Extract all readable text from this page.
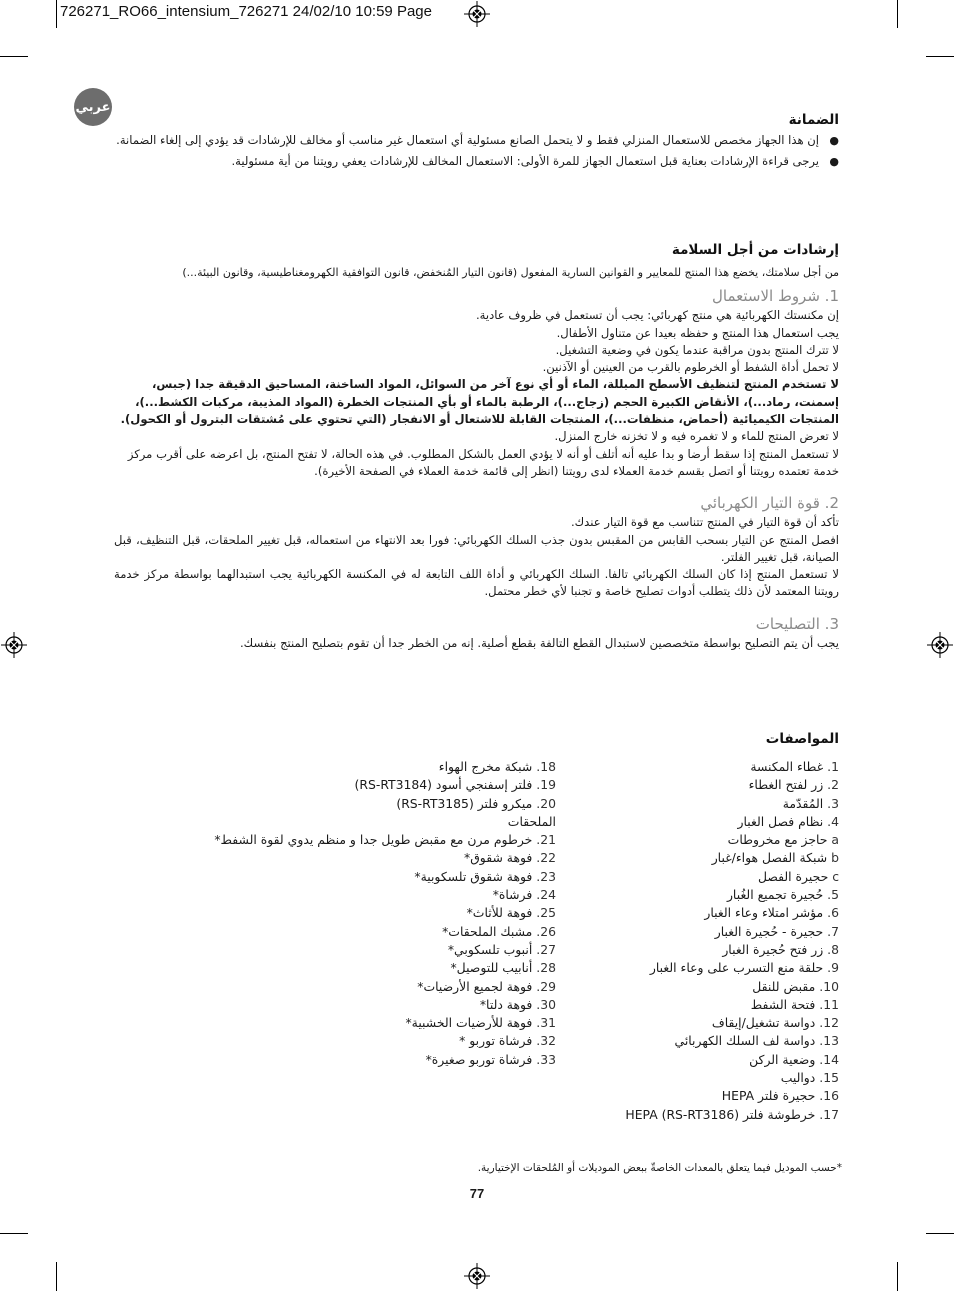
726271_RO66_intensium_726271 24/02/10 10:59 Page
عربي
الضمانة
●
إن هذا الجهاز مخصص للاستعمال المنزلي فقط و لا يتحمل الصانع مسئولية أي استعمال غير مناسب أو مخالف للإرشادات قد يؤدي إلى إلغاء الضمانة.
●
يرجى قراءة الإرشادات بعناية قبل استعمال الجهاز للمرة الأولى: الاستعمال المخالف للإرشادات يعفي رويتنا من أية مسئولية.
إرشادات من أجل السلامة
من أجل سلامتك، يخضع هذا المنتج للمعايير و القوانين السارية المفعول (قانون التيار المُنخفض، قانون التوافقية الكهرومغناطيسية، وقانون البيئة...)
1. شروط الاستعمال
إن مكنستك الكهربائية هي منتج كهربائي: يجب أن تستعمل في ظروف عادية.
يجب استعمال هذا المنتج و حفظه بعيدا عن متناول الأطفال.
لا تترك المنتج بدون مراقبة عندما يكون في وضعية التشغيل.
لا تحمل أداة الشفط أو الخرطوم بالقرب من العينين أو الآذنين.
لا تستخدم المنتج لتنظيف الأسطح المبللة، الماء أو أي نوع آخر من السوائل، المواد الساخنة، المساحيق الدقيقة جدا (جبس، إسمنت، رماد...)، الأنقاض الكبيرة الحجم (زجاج...)، الرطبة بالماء أو بأي المنتجات الخطرة (المواد المذيبة، مركبات الكشط...)، المنتجات الكيميائية (أحماض، منظفات...)، المنتجات القابلة للاشتعال أو الانفجار (التي تحتوي على مُشتقات البترول أو الكحول).
لا تعرض المنتج للماء و لا تغمره فيه و لا تخزنه خارج المنزل.
لا تستعمل المنتج إذا سقط أرضا و بدا عليه أنه أتلف أو أنه لا يؤدي العمل بالشكل المطلوب. في هذه الحالة، لا تفتح المنتج، بل اعرضه على أقرب مركز خدمة تعتمده رويتنا أو اتصل بقسم خدمة العملاء لدى رويتنا (انظر إلى قائمة خدمة العملاء في الصفحة الأخيرة).
2. قوة التيار الكهربائي
تأكد أن قوة التيار في المنتج تتناسب مع قوة التيار عندك.
افصل المنتج عن التيار بسحب القابس من المقبس بدون جذب السلك الكهربائي: فورا بعد الانتهاء من استعماله، قبل تغيير الملحقات، قبل التنظيف، قبل الصيانة، قبل تغيير الفلتر.
لا تستعمل المنتج إذا كان السلك الكهربائي تالفا. السلك الكهربائي و أداة اللف التابعة له في المكنسة الكهربائية يجب استبدالهما بواسطة مركز خدمة رويتنا المعتمد لأن ذلك يتطلب أدوات تصليح خاصة و تجنبا لأي خطر محتمل.
3. التصليحات
يجب أن يتم التصليح بواسطة متخصصين لاستبدال القطع التالفة بقطع أصلية. إنه من الخطر جدا أن تقوم بتصليح المنتج بنفسك.
المواصفات
1. غطاء المكنسة
2. زر لفتح الغطاء
3. المُقدّمة
4. نظام فصل الغبار
a حاجز مع مخروطات
b شبكة الفصل هواء/غبار
c حجيرة الفصل
5. حُجيرة تجميع الغُبار
6. مؤشر امتلاء وعاء الغبار
7. حجيرة - حُجيرة الغبار
8. زر فتح حُجيرة الغبار
9. حلقة منع التسرب على وعاء الغبار
10. مقبض للنقل
11. فتحة الشفط
12. دواسة تشغيل/إيقاف
13. دواسة لف السلك الكهربائي
14. وضعية الركن
15. دواليب
16. حجيرة فلتر HEPA
17. خرطوشة فلتر HEPA (RS-RT3186)
18. شبكة مخرج الهواء
19. فلتر إسفنجي أسود (RS-RT3184)
20. ميكرو فلتر (RS-RT3185)
الملحقات
21. خرطوم مرن مع مقبض طويل جدا و منظم يدوي لقوة الشفط*
22. فوهة شقوق*
23. فوهة شقوق تلسكوبية*
24. فرشاة*
25. فوهة للأثاث*
26. مشبك الملحقات*
27. أنبوب تلسكوبي*
28. أنابيب للتوصيل*
29. فوهة لجميع الأرضيات*
30. فوهة دلتا*
31. فوهة للأرضيات الخشبية*
32. فرشاة توربو *
33. فرشاة توربو صغيرة*
*حسب الموديل فيما يتعلق بالمعدات الخاصةّ ببعض الموديلات أو المُلحقات الإختيارية.
77
